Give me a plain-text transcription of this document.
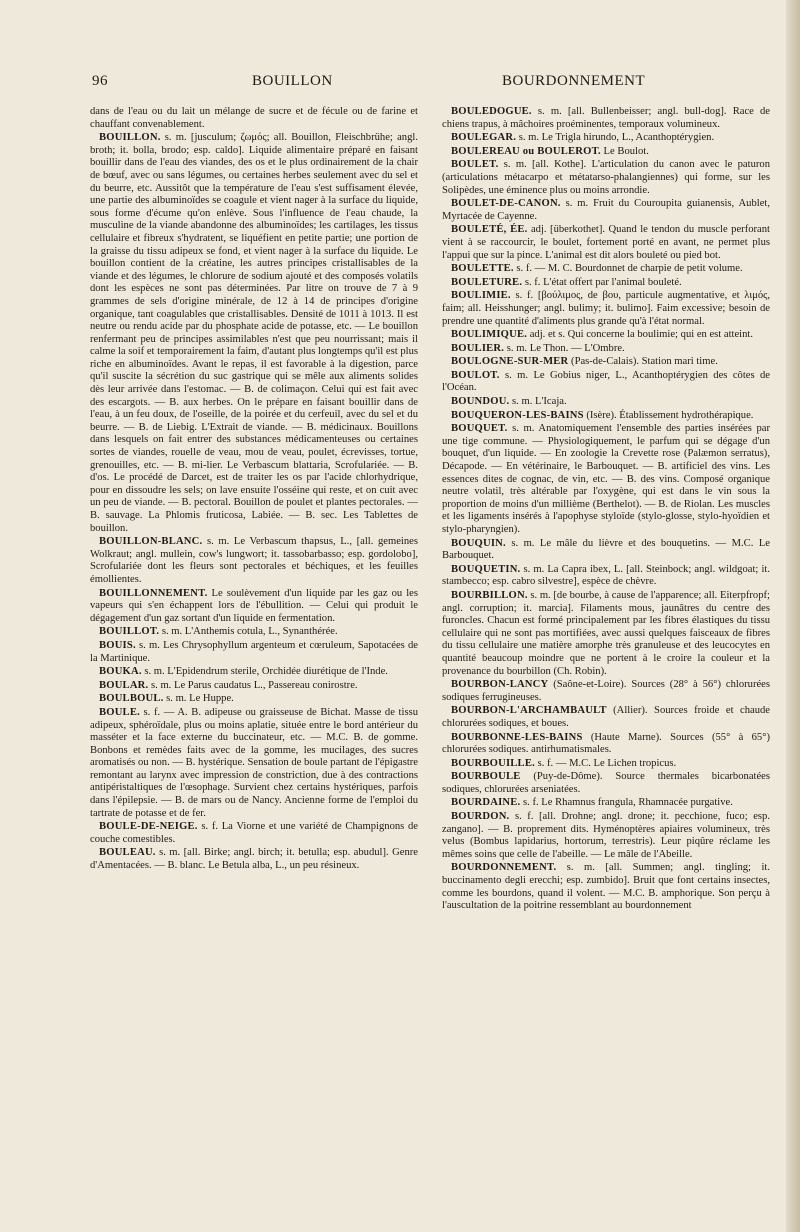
96	BOUILLON	BOURDONNEMENT

dans de l'eau ou du lait un mélange de sucre et de fécule ou de farine et chauffant convenablement.

BOUILLON. s. m. [jusculum; ζωμός; all. Bouillon, Fleischbrühe; angl. broth; it. bolla, brodo; esp. caldo]. Liquide alimentaire préparé en faisant bouillir dans de l'eau des viandes, des os et le plus ordinairement de la chair de bœuf, avec ou sans légumes, ou certaines herbes seulement avec du sel et du beurre, etc. Aussitôt que la température de l'eau s'est suffisament élevée, une partie des albuminoïdes se coagule et vient nager à la surface du liquide, sous forme d'écume qu'on enlève. Sous l'influence de l'eau chaude, la musculine de la viande abandonne des albuminoïdes; les cartilages, les tissus cellulaire et fibreux s'hydratent, se liquéfient en petite partie; une portion de la graisse du tissu adipeux se fond, et vient nager à la surface du liquide. Le bouillon contient de la créatine, les autres principes cristallisables de la viande et des légumes, le chlorure de sodium ajouté et des composés volatils dont les espèces ne sont pas déterminées. Par litre on trouve de 7 à 9 grammes de sels d'origine minérale, de 12 à 14 de principes d'origine organique, tant coagulables que cristallisables. Densité de 1011 à 1013. Il est neutre ou rendu acide par du phosphate acide de potasse, etc. — Le bouillon renfermant peu de principes assimilables n'est que peu nourrissant; mais il calme la soif et temporairement la faim, d'autant plus longtemps qu'il est plus riche en albuminoïdes. Avant le repas, il est favorable à la digestion, parce qu'il suscite la sécrétion du suc gastrique qui se mêle aux aliments solides dès leur arrivée dans l'estomac. — B. de colimaçon. Celui qui est fait avec des escargots. — B. aux herbes. On le prépare en faisant bouillir dans de l'eau, à un feu doux, de l'oseille, de la poirée et du cerfeuil, avec du sel et du beurre. — B. de Liebig. L'Extrait de viande. — B. médicinaux. Bouillons dans lesquels on fait entrer des substances médicamenteuses ou certaines sortes de viandes, rouelle de veau, mou de veau, poulet, écrevisses, tortue, grenouilles, etc. — B. mi-lier. Le Verbascum blattaria, Scrofulariée. — B. d'os. Le procédé de Darcet, est de traiter les os par l'acide chlorhydrique, pour en dissoudre les sels; on lave ensuite l'osséine qui reste, et on cuit avec un peu de viande. — B. pectoral. Bouillon de poulet et plantes pectorales. — B. sauvage. La Phlomis fruticosa, Labiée. — B. sec. Les Tablettes de bouillon.

BOUILLON-BLANC. s. m. Le Verbascum thapsus, L., [all. gemeines Wolkraut; angl. mullein, cow's lungwort; it. tassobarbasso; esp. gordolobo], Scrofulariée dont les fleurs sont pectorales et béchiques, et les feuilles émollientes.

BOUILLONNEMENT. Le soulèvement d'un liquide par les gaz ou les vapeurs qui s'en échappent lors de l'ébullition. — Celui qui produit le dégagement d'un gaz sortant d'un liquide en fermentation.

BOUILLOT. s. m. L'Anthemis cotula, L., Synanthérée.

BOUIS. s. m. Les Chrysophyllum argenteum et cœruleum, Sapotacées de la Martinique.

BOUKA. s. m. L'Epidendrum sterile, Orchidée diurétique de l'Inde.

BOULAR. s. m. Le Parus caudatus L., Passereau conirostre.

BOULBOUL. s. m. Le Huppe.

BOULE. s. f. — A. B. adipeuse ou graisseuse de Bichat. Masse de tissu adipeux, sphéroïdale, plus ou moins aplatie, située entre le bord antérieur du masséter et la face externe du buccinateur, etc. — M.C. B. de gomme. Bonbons et remèdes faits avec de la gomme, les mucilages, des sucres aromatisés ou non. — B. hystérique. Sensation de boule partant de l'épigastre remontant au larynx avec impression de constriction, due à des contractions antipéristaltiques de l'œsophage. Survient chez certains hystériques, parfois dans l'épilepsie. — B. de mars ou de Nancy. Ancienne forme de l'emploi du tartrate de potasse et de fer.

BOULE-DE-NEIGE. s. f. La Viorne et une variété de Champignons de couche comestibles.

BOULEAU. s. m. [all. Birke; angl. birch; it. betulla; esp. abudul]. Genre d'Amentacées. — B. blanc. Le Betula alba, L., un peu résineux.

BOULEDOGUE. s. m. [all. Bullenbeisser; angl. bull-dog]. Race de chiens trapus, à mâchoires proéminentes, temporaux volumineux.

BOULEGAR. s. m. Le Trigla hirundo, L., Acanthoptérygien.

BOULEREAU ou BOULEROT. Le Boulot.

BOULET. s. m. [all. Kothe]. L'articulation du canon avec le paturon (articulations métacarpo et métatarso-phalangiennes) qui forme, sur les Solipèdes, une éminence plus ou moins arrondie.

BOULET-DE-CANON. s. m. Fruit du Couroupita guianensis, Aublet, Myrtacée de Cayenne.

BOULETÉ, ÉE. adj. [überkothet]. Quand le tendon du muscle perforant vient à se raccourcir, le boulet, fortement porté en avant, ne permet plus l'appui que sur la pince. L'animal est dit alors bouleté ou pied bot.

BOULETTE. s. f. — M. C. Bourdonnet de charpie de petit volume.

BOULETURE. s. f. L'état offert par l'animal bouleté.

BOULIMIE. s. f. [βούλιμος, de βου, particule augmentative, et λιμός, faim; all. Heisshunger; angl. bulimy; it. bulimo]. Faim excessive; besoin de prendre une quantité d'aliments plus grande qu'à l'état normal.

BOULIMIQUE. adj. et s. Qui concerne la boulimie; qui en est atteint.

BOULIER. s. m. Le Thon. — L'Ombre.

BOULOGNE-SUR-MER (Pas-de-Calais). Station mari time.

BOULOT. s. m. Le Gobius niger, L., Acanthoptérygien des côtes de l'Océan.

BOUNDOU. s. m. L'Icaja.

BOUQUERON-LES-BAINS (Isère). Établissement hydrothérapique.

BOUQUET. s. m. Anatomiquement l'ensemble des parties insérées par une tige commune. — Physiologiquement, le parfum qui se dégage d'un bouquet, d'un liquide. — En zoologie la Crevette rose (Palæmon serratus), Décapode. — En vétérinaire, le Barbouquet. — B. artificiel des vins. Les essences dites de cognac, de vin, etc. — B. des vins. Composé organique neutre volatil, très altérable par l'oxygène, qui est dans le vin sous la proportion de moins d'un millième (Berthelot). — B. de Riolan. Les muscles et les ligaments insérés à l'apophyse styloïde (stylo-glosse, stylo-hyoïdien et stylo-pharyngien).

BOUQUIN. s. m. Le mâle du lièvre et des bouquetins. — M.C. Le Barbouquet.

BOUQUETIN. s. m. La Capra ibex, L. [all. Steinbock; angl. wildgoat; it. stambecco; esp. cabro silvestre], espèce de chèvre.

BOURBILLON. s. m. [de bourbe, à cause de l'apparence; all. Eiterpfropf; angl. corruption; it. marcia]. Filaments mous, jaunâtres du centre des furoncles. Chacun est formé principalement par les fibres élastiques du tissu cellulaire qui ne sont pas mortifiées, avec aussi quelques faisceaux de fibres du tissu cellulaire une matière amorphe très granuleuse et des leucocytes en quantité beaucoup moindre que ne portent à le croire la couleur et la provenance du bourbillon (Ch. Robin).

BOURBON-LANCY (Saône-et-Loire). Sources (28° à 56°) chlorurées sodiques ferrugineuses.

BOURBON-L'ARCHAMBAULT (Allier). Sources froide et chaude chlorurées sodiques, et boues.

BOURBONNE-LES-BAINS (Haute Marne). Sources (55° à 65°) chlorurées sodiques. antirhumatismales.

BOURBOUILLE. s. f. — M.C. Le Lichen tropicus.

BOURBOULE (Puy-de-Dôme). Source thermales bicarbonatées sodiques, chlorurées arseniatées.

BOURDAINE. s. f. Le Rhamnus frangula, Rhamnacée purgative.

BOURDON. s. f. [all. Drohne; angl. drone; it. pecchione, fuco; esp. zangano]. — B. proprement dits. Hyménoptères apiaires volumineux, très velus (Bombus lapidarius, hortorum, terrestris). Leur piqûre réclame les mêmes soins que celle de l'abeille. — Le mâle de l'Abeille.

BOURDONNEMENT. s. m. [all. Summen; angl. tingling; it. buccinamento degli erecchi; esp. zumbido]. Bruit que font certains insectes, comme les bourdons, quand il volent. — M.C. B. amphorique. Son perçu à l'auscultation de la poitrine ressemblant au bourdonnement
